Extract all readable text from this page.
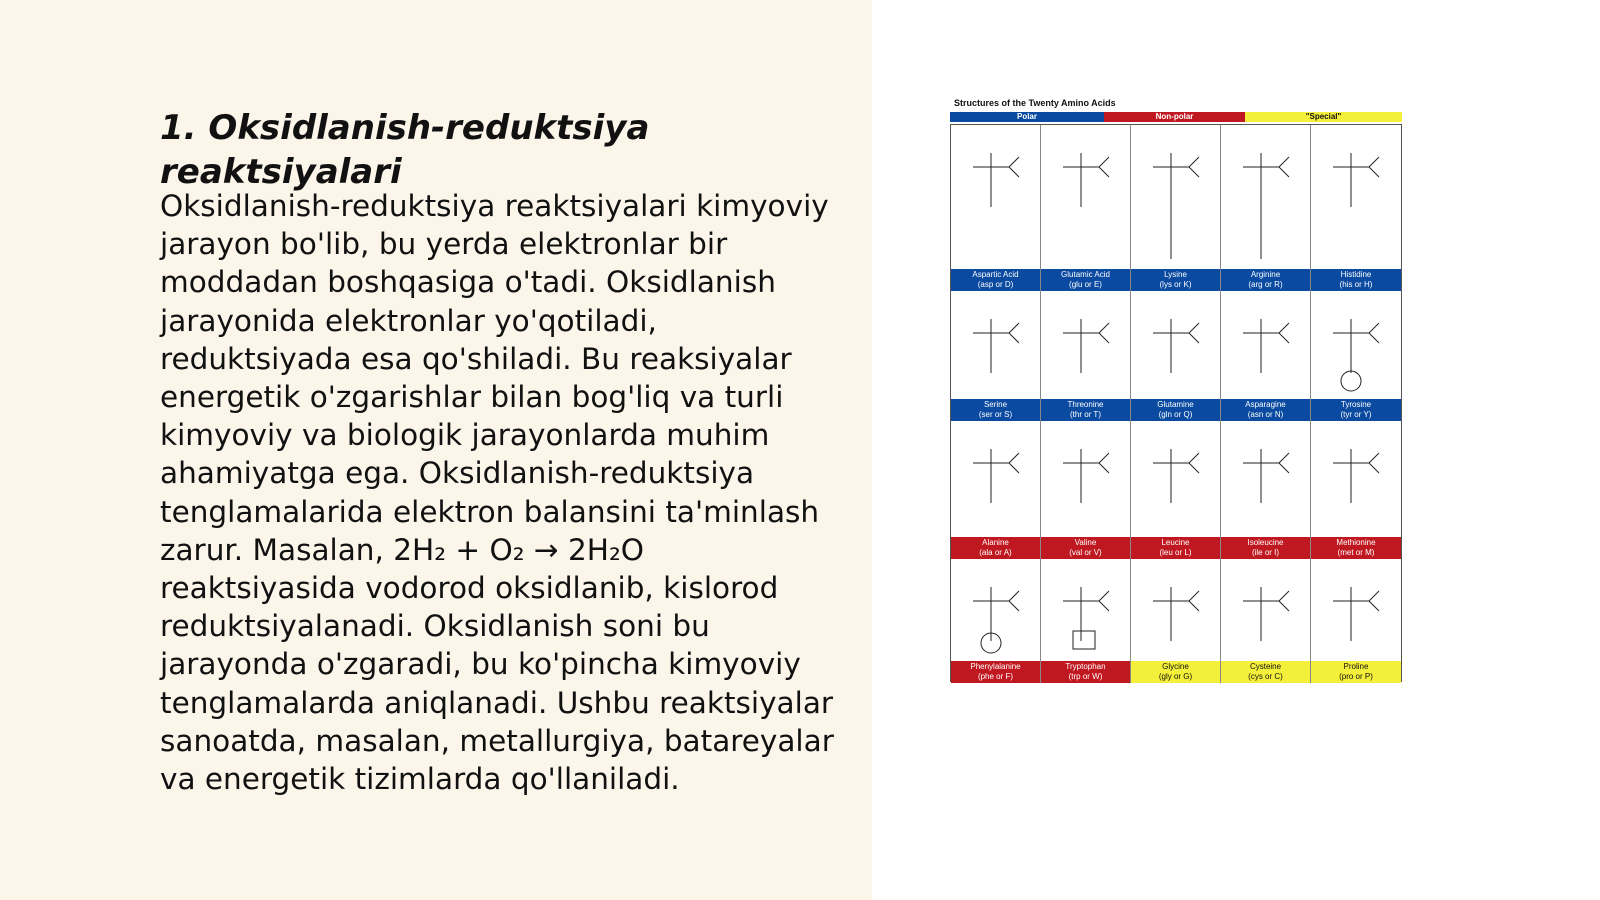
1. Oksidlanish-reduktsiya reaktsiyalari

Oksidlanish-reduktsiya reaktsiyalari kimyoviy jarayon bo'lib, bu yerda elektronlar bir moddadan boshqasiga o'tadi. Oksidlanish jarayonida elektronlar yo'qotiladi, reduktsiyada esa qo'shiladi. Bu reaksiyalar energetik o'zgarishlar bilan bog'liq va turli kimyoviy va biologik jarayonlarda muhim ahamiyatga ega. Oksidlanish-reduktsiya tenglamalarida elektron balansini ta'minlash zarur. Masalan, 2H₂ + O₂ → 2H₂O reaktsiyasida vodorod oksidlanib, kislorod reduktsiyalanadi. Oksidlanish soni bu jarayonda o'zgaradi, bu ko'pincha kimyoviy tenglamalarda aniqlanadi. Ushbu reaktsiyalar sanoatda, masalan, metallurgiya, batareyalar va energetik tizimlarda qo'llaniladi.

Structures of the Twenty Amino Acids
Polar	Non-polar	"Special"
Aspartic Acid
(asp or D)
Glutamic Acid
(glu or E)
Lysine
(lys or K)
Arginine
(arg or R)
Histidine
(his or H)
Serine
(ser or S)
Threonine
(thr or T)
Glutamine
(gln or Q)
Asparagine
(asn or N)
Tyrosine
(tyr or Y)
Alanine
(ala or A)
Valine
(val or V)
Leucine
(leu or L)
Isoleucine
(ile or I)
Methionine
(met or M)
Phenylalanine
(phe or F)
Tryptophan
(trp or W)
Glycine
(gly or G)
Cysteine
(cys or C)
Proline
(pro or P)
